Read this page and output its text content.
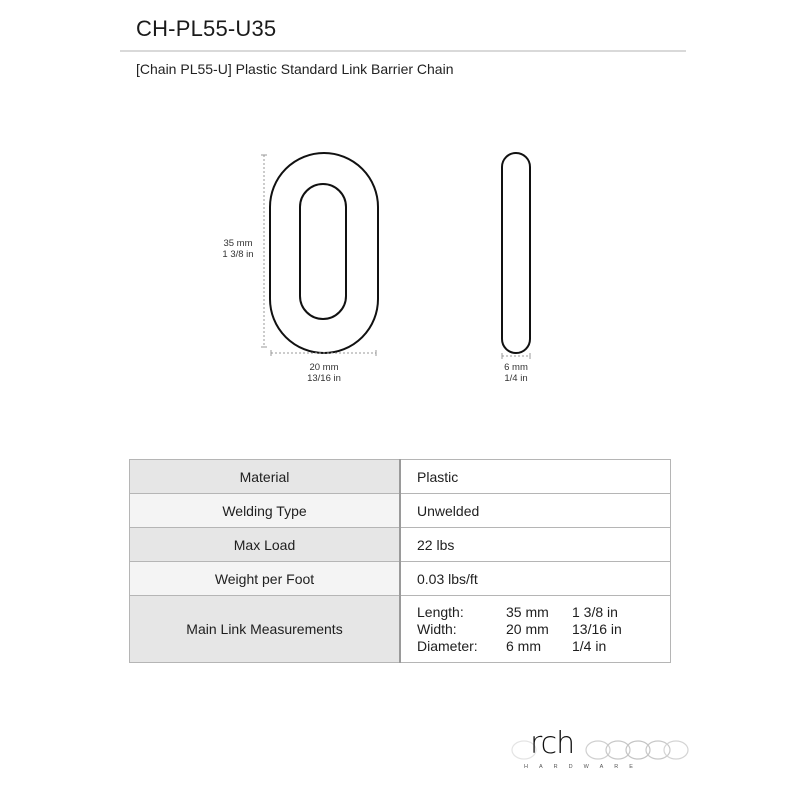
CH-PL55-U35
[Chain PL55-U] Plastic Standard Link Barrier Chain
35 mm
1 3/8 in
20 mm
13/16 in
6 mm
1/4 in
Material	Plastic
Welding Type	Unwelded
Max Load	22 lbs
Weight per Foot	0.03 lbs/ft
Main Link Measurements	
Length:	35 mm	1 3/8 in
Width:	20 mm	13/16 in
Diameter:	6 mm	1/4 in
rch
HARDWARE
